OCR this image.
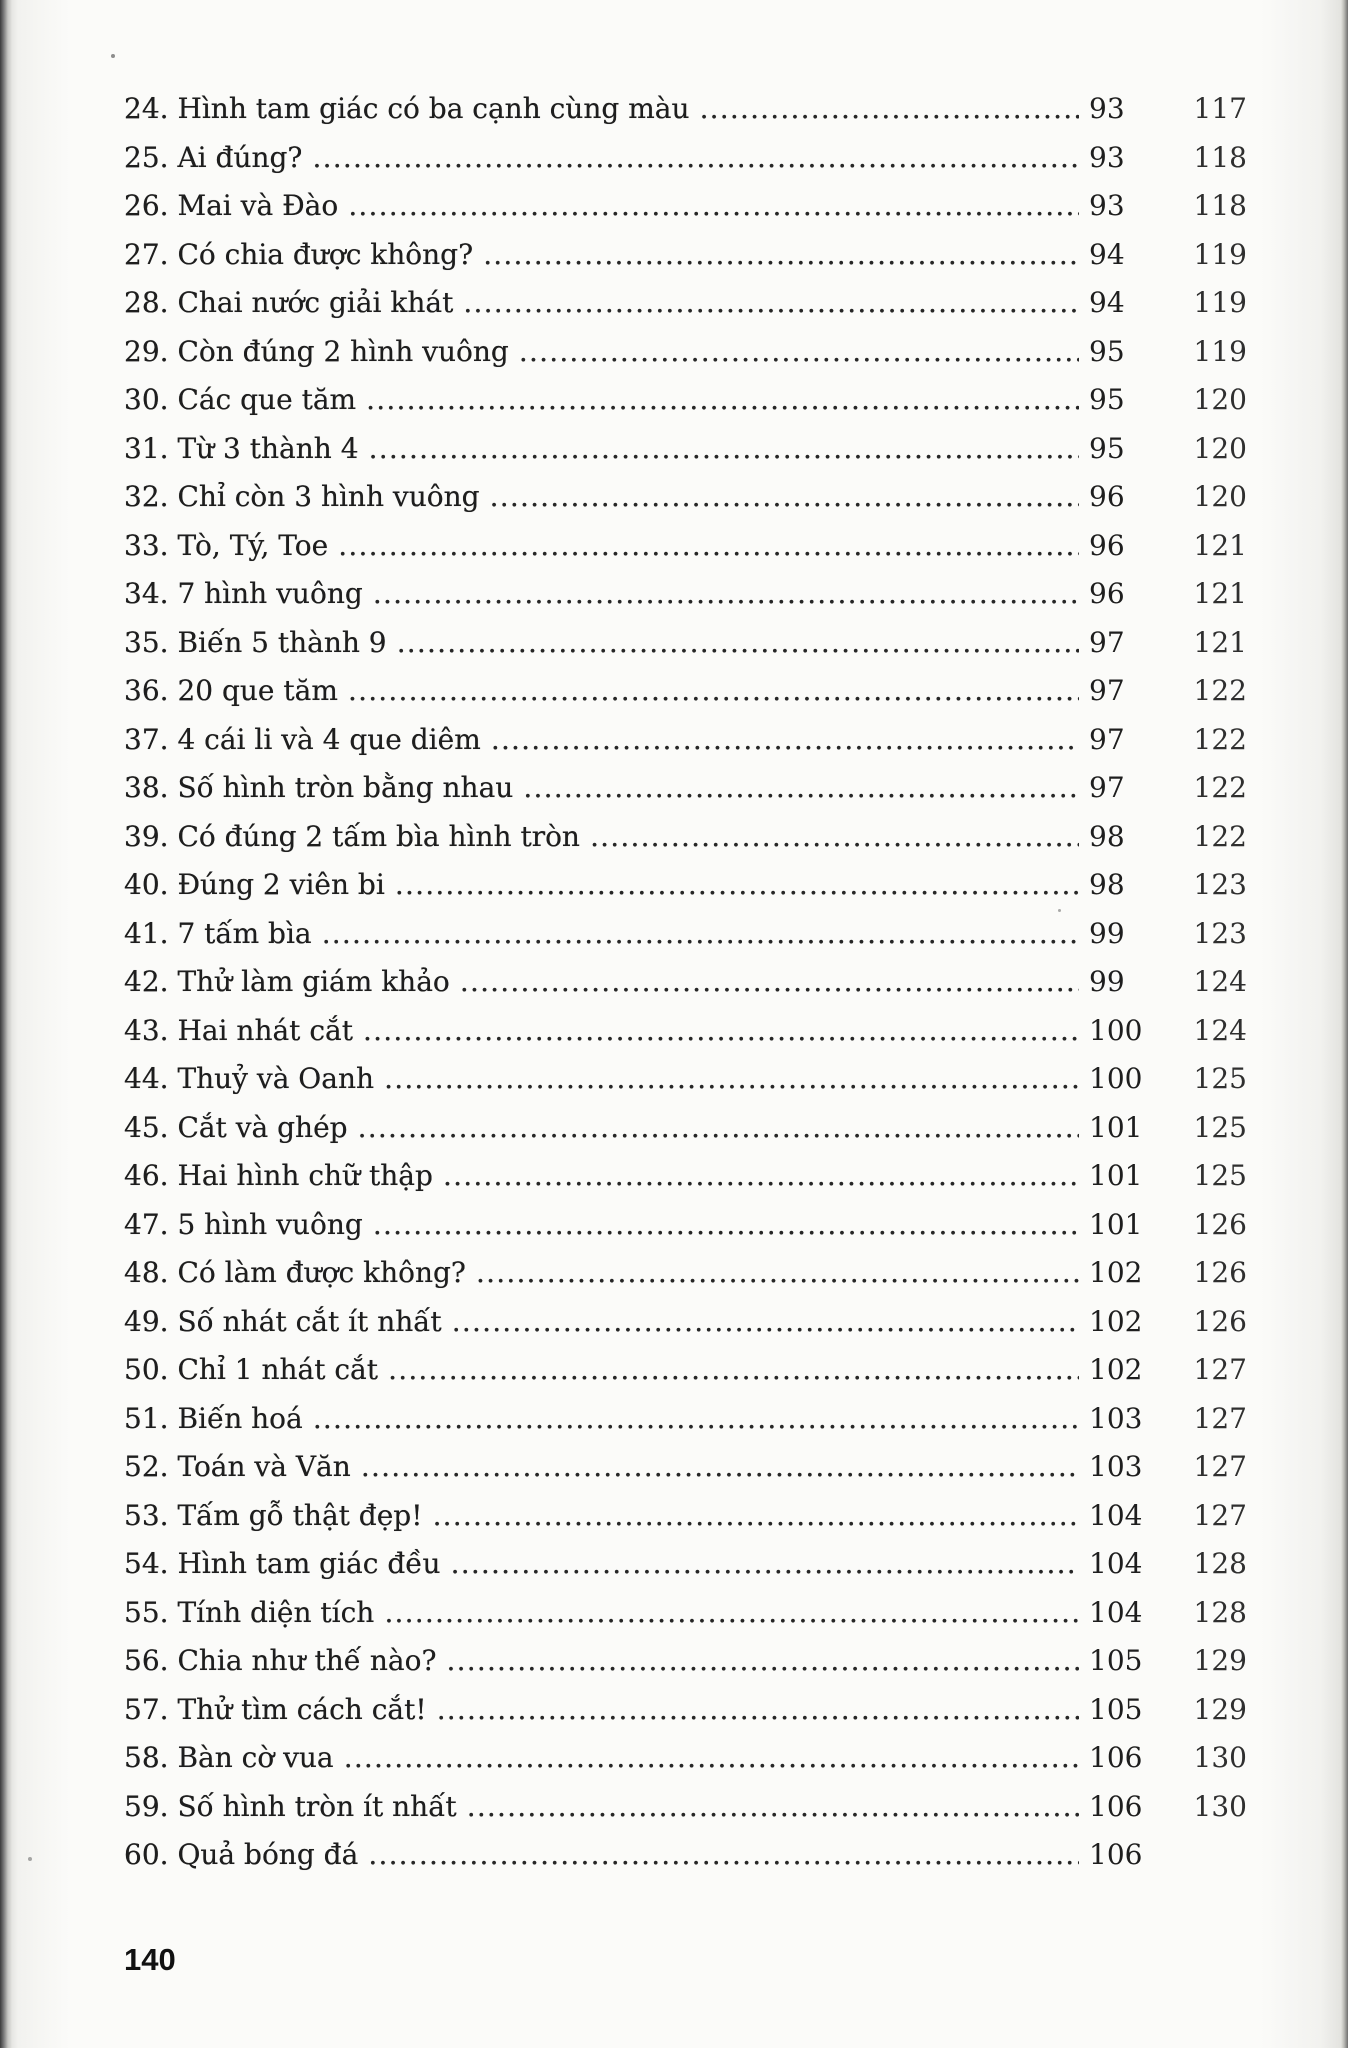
24. Hình tam giác có ba cạnh cùng màu .....	93	117
25. Ai đúng? .....	93	118
26. Mai và Đào .....	93	118
27. Có chia được không? .....	94	119
28. Chai nước giải khát .....	94	119
29. Còn đúng 2 hình vuông .....	95	119
30. Các que tăm .....	95	120
31. Từ 3 thành 4 .....	95	120
32. Chỉ còn 3 hình vuông .....	96	120
33. Tò, Tý, Toe .....	96	121
34. 7 hình vuông .....	96	121
35. Biến 5 thành 9 .....	97	121
36. 20 que tăm .....	97	122
37. 4 cái li và 4 que diêm .....	97	122
38. Số hình tròn bằng nhau .....	97	122
39. Có đúng 2 tấm bìa hình tròn .....	98	122
40. Đúng 2 viên bi .....	98	123
41. 7 tấm bìa .....	99	123
42. Thử làm giám khảo .....	99	124
43. Hai nhát cắt .....	100	124
44. Thuỷ và Oanh .....	100	125
45. Cắt và ghép .....	101	125
46. Hai hình chữ thập .....	101	125
47. 5 hình vuông .....	101	126
48. Có làm được không? .....	102	126
49. Số nhát cắt ít nhất .....	102	126
50. Chỉ 1 nhát cắt .....	102	127
51. Biến hoá .....	103	127
52. Toán và Văn .....	103	127
53. Tấm gỗ thật đẹp! .....	104	127
54. Hình tam giác đều .....	104	128
55. Tính diện tích .....	104	128
56. Chia như thế nào? .....	105	129
57. Thử tìm cách cắt! .....	105	129
58. Bàn cờ vua .....	106	130
59. Số hình tròn ít nhất .....	106	130
60. Quả bóng đá .....	106
140
